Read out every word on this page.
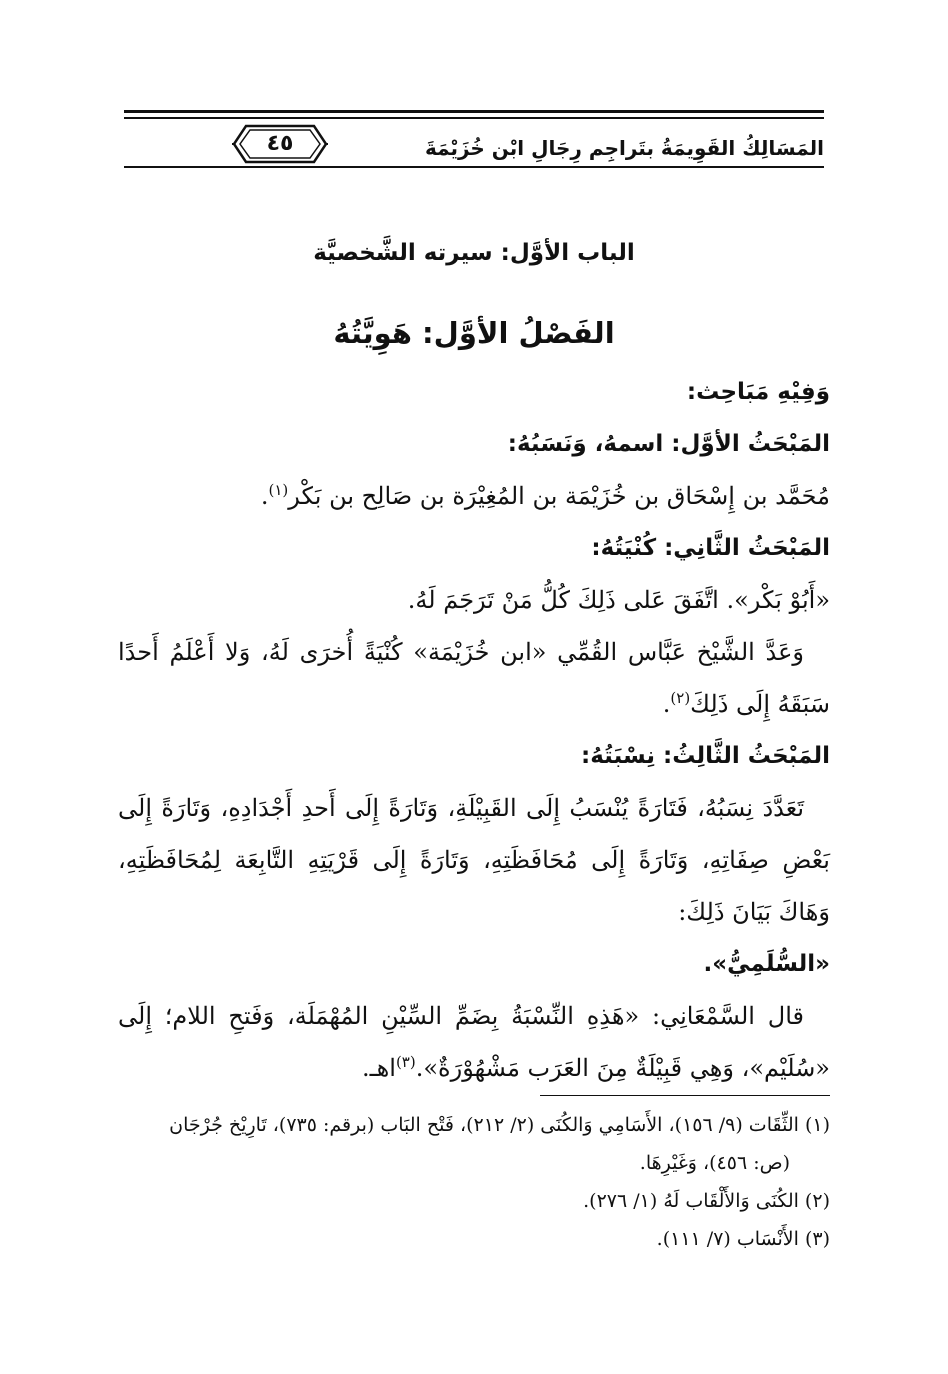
المَسَالِكُ القَوِيمَةُ بتَراجِم رِجَالِ ابْن خُزَيْمَةَ
٤٥
الباب الأوَّل: سيرته الشَّخصيَّة
الفَصْلُ الأوَّل: هَوِيَّتُهُ

وَفِيْهِ مَبَاحِث:

المَبْحَثُ الأوَّل: اسمهُ، وَنَسَبُهُ:

مُحَمَّد بن إِسْحَاق بن خُزَيْمَة بن المُغِيْرَة بن صَالِح بن بَكْر$^{(١)}$.

المَبْحَثُ الثَّانِي: كُنْيَتُهُ:

«أَبُوْ بَكْر». اتَّفَقَ عَلى ذَلِكَ كُلُّ مَنْ تَرَجَمَ لَهُ.

وَعَدَّ الشَّيْخ عَبَّاس القُمِّي «ابن خُزَيْمَة» كُنْيَةً أُخرَى لَهُ، وَلا أَعْلَمُ أَحدًا سَبَقَهُ إِلَى ذَلِكَ$^{(٢)}$.

المَبْحَثُ الثَّالِثُ: نِسْبَتُهُ:

تَعَدَّدَ نِسَبُهُ، فَتَارَةً يُنْسَبُ إِلَى القَبِيْلَةِ، وَتَارَةً إِلَى أَحدِ أَجْدَادِهِ، وَتَارَةً إِلَى بَعْضِ صِفَاتِهِ، وَتَارَةً إِلَى مُحَافَظَتِهِ، وَتَارَةً إِلَى قَرْيَتِهِ التَّابِعَة لِمُحَافَظَتِهِ، وَهَاكَ بَيَانَ ذَلِكَ:

«السُّلَمِيُّ».

قال السَّمْعَانِي: «هَذِهِ النِّسْبَةُ بِضَمِّ السِّيْنِ المُهْمَلَة، وَفَتحِ اللام؛ إِلَى «سُلَيْم»، وَهِي قَبِيْلَةٌ مِنَ العَرَب مَشْهُوْرَةٌ».$^{(٣)}$اهـ.

(١) الثِّقَات (٩/ ١٥٦)، الأَسَامِي وَالكُنَى (٢/ ٢١٢)، فَتْح البَاب (برقم: ٧٣٥)، تَارِيْخ جُرْجَان

(ص: ٤٥٦)، وَغَيْرِهَا.

(٢) الكُنَى وَالأَلْقَاب لَهُ (١/ ٢٧٦).

(٣) الأَنْسَاب (٧/ ١١١).
